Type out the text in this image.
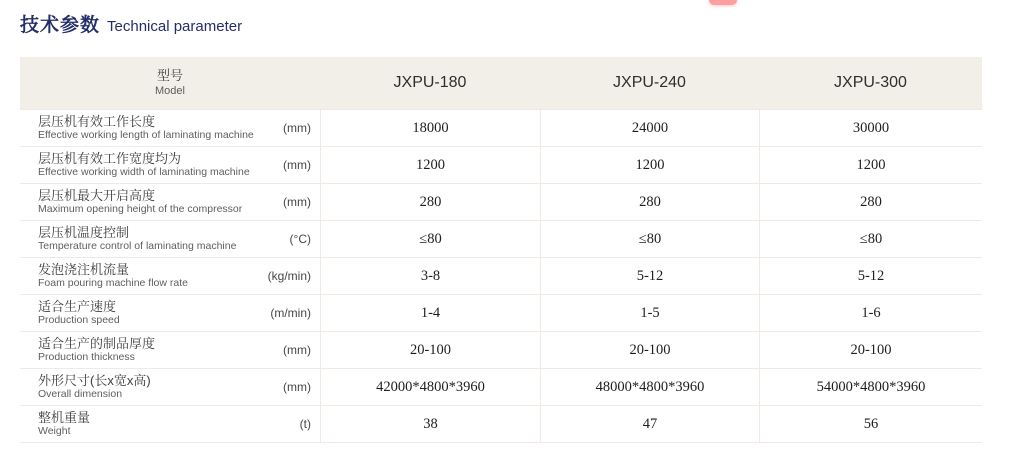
技术参数 Technical parameter
型号
Model	JXPU-180	JXPU-240	JXPU-300
层压机有效工作长度
Effective working length of laminating machine (mm)	18000	24000	30000
层压机有效工作宽度均为
Effective working width of laminating machine	(mm)	1200	1200	1200
层压机最大开启高度
Maximum opening height of the compressor	(mm)	280	280	280
层压机温度控制
Temperature control of laminating machine	(°C)	≤80	≤80	≤80
发泡浇注机流量
Foam pouring machine flow rate	(kg/min)	3-8	5-12	5-12
适合生产速度
Production speed	(m/min)	1-4	1-5	1-6
适合生产的制品厚度
Production thickness	(mm)	20-100	20-100	20-100
外形尺寸(长x宽x高)
Overall dimension	(mm)	42000*4800*3960	48000*4800*3960	54000*4800*3960
整机重量
Weight	(t)	38	47	56
